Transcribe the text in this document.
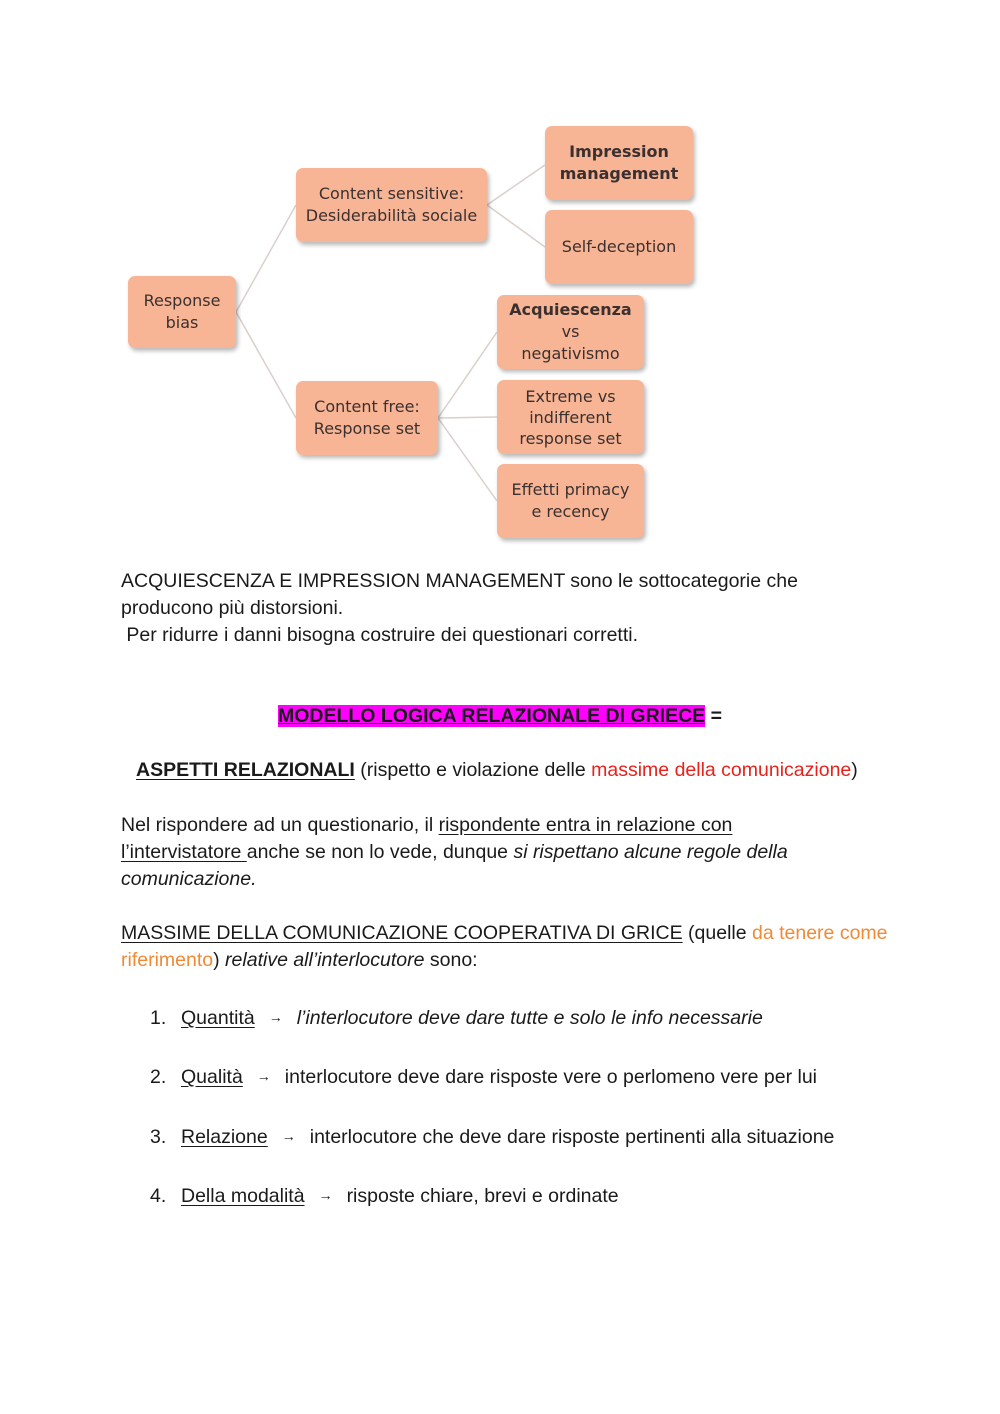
Response
bias
Content sensitive:
Desiderabilità sociale
Content free:
Response set
Impression
management
Self-deception
Acquiescenza vs
negativismo
Extreme vs
indifferent
response set
Effetti primacy
e recency
ACQUIESCENZA E IMPRESSION MANAGEMENT sono le sottocategorie che
producono più distorsioni.
Per ridurre i danni bisogna costruire dei questionari corretti.
MODELLO LOGICA RELAZIONALE DI GRIECE =
ASPETTI RELAZIONALI (rispetto e violazione delle massime della comunicazione)
Nel rispondere ad un questionario, il rispondente entra in relazione con l’intervistatore anche se non lo vede, dunque si rispettano alcune regole della comunicazione.
MASSIME DELLA COMUNICAZIONE COOPERATIVA DI GRICE (quelle da tenere come riferimento) relative all’interlocutore sono:
1. Quantità → l’interlocutore deve dare tutte e solo le info necessarie
2. Qualità → interlocutore deve dare risposte vere o perlomeno vere per lui
3. Relazione → interlocutore che deve dare risposte pertinenti alla situazione
4. Della modalità → risposte chiare, brevi e ordinate
